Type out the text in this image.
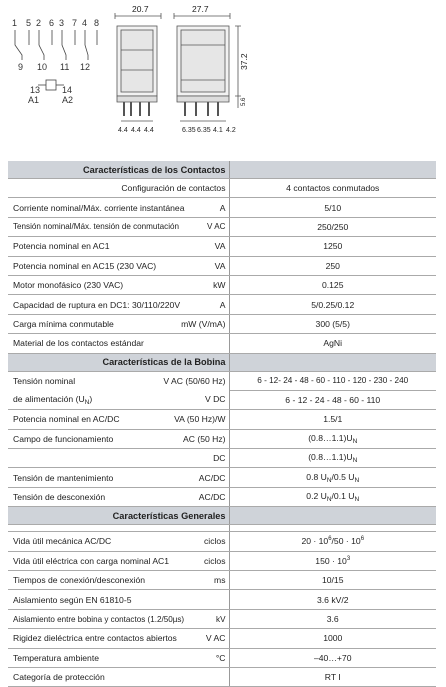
1 5 2 6 3 7 4 8
9 10 11 12
13
A1
14
A2
20.7
4.4 4.4 4.4
27.7
37.2
5.6
6.35 6.35 4.1 4.2
Características de los Contactos	
Configuración de contactos	4 contactos conmutados

Corriente nominal/Máx. corriente instantánea A	5/10

Tensión nominal/Máx. tensión de conmutación V AC	250/250

Potencia nominal en AC1 VA	1250

Potencia nominal en AC15 (230 VAC) VA	250

Motor monofásico (230 VAC) kW	0.125

Capacidad de ruptura en DC1: 30/110/220V A	5/0.25/0.12

Carga mínima conmutable mW (V/mA)	300 (5/5)

Material de los contactos estándar	AgNi
Características de la Bobina	

Tensión nominal V AC (50/60 Hz)	6 - 12- 24 - 48 - 60 - 110 - 120 - 230 - 240

de alimentación $(U_N)$ V DC	6 - 12 - 24 - 48 - 60 - 110

Potencia nominal en AC/DC VA (50 Hz)/W	1.5/1

Campo de funcionamiento AC (50 Hz)	$(0.8\dots 1.1)U_N$
DC	$(0.8\dots 1.1)U_N$

Tensión de mantenimiento AC/DC	0.8 $U_N/0.5$ $U_N$

Tensión de desconexión AC/DC	0.2 $U_N/0.1$ $U_N$
Características Generales	

Vida útil mecánica AC/DC ciclos	$20 \cdot 10^6/50 \cdot 10^6$

Vida útil eléctrica con carga nominal AC1 ciclos	$150 \cdot 10^3$

Tiempos de conexión/desconexión ms	10/15

Aislamiento según EN 61810-5	3.6 kV/2

Aislamiento entre bobina y contactos (1.2/50µs) kV	3.6

Rigidez dieléctrica entre contactos abiertos V AC	1000

Temperatura ambiente °C	–40…+70

Categoría de protección	RT I
